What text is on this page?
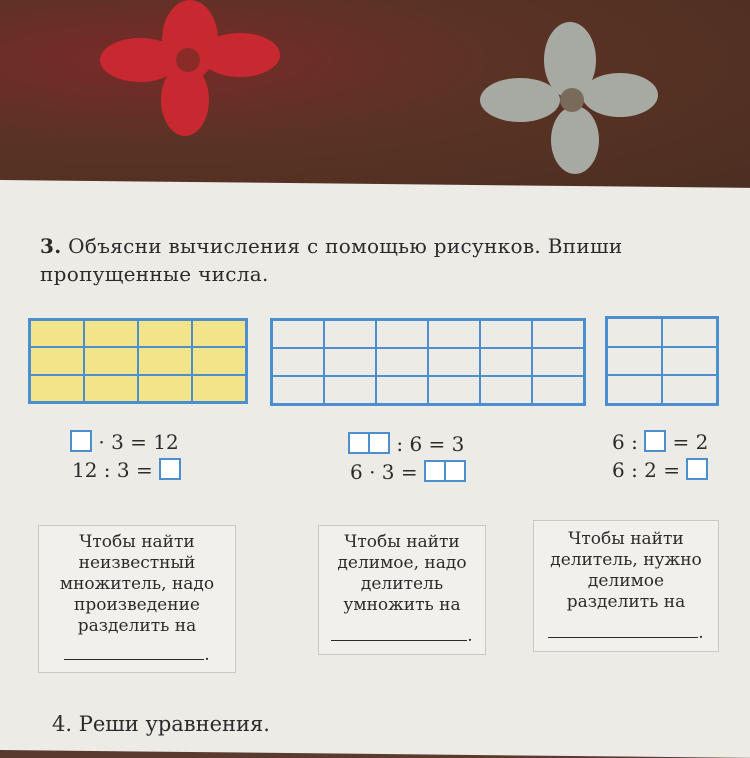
3. Объясни вычисления с помощью рисунков. Впиши
пропущенные числа.
· 3 = 12
12 : 3 =
: 6 = 3
6 · 3 =
6 : = 2
6 : 2 =
Чтобы найти
неизвестный
множитель, надо
произведение
разделить на
.
Чтобы найти
делимое, надо
делитель
умножить на
.
Чтобы найти
делитель, нужно
делимое
разделить на
.
4. Реши уравнения.
